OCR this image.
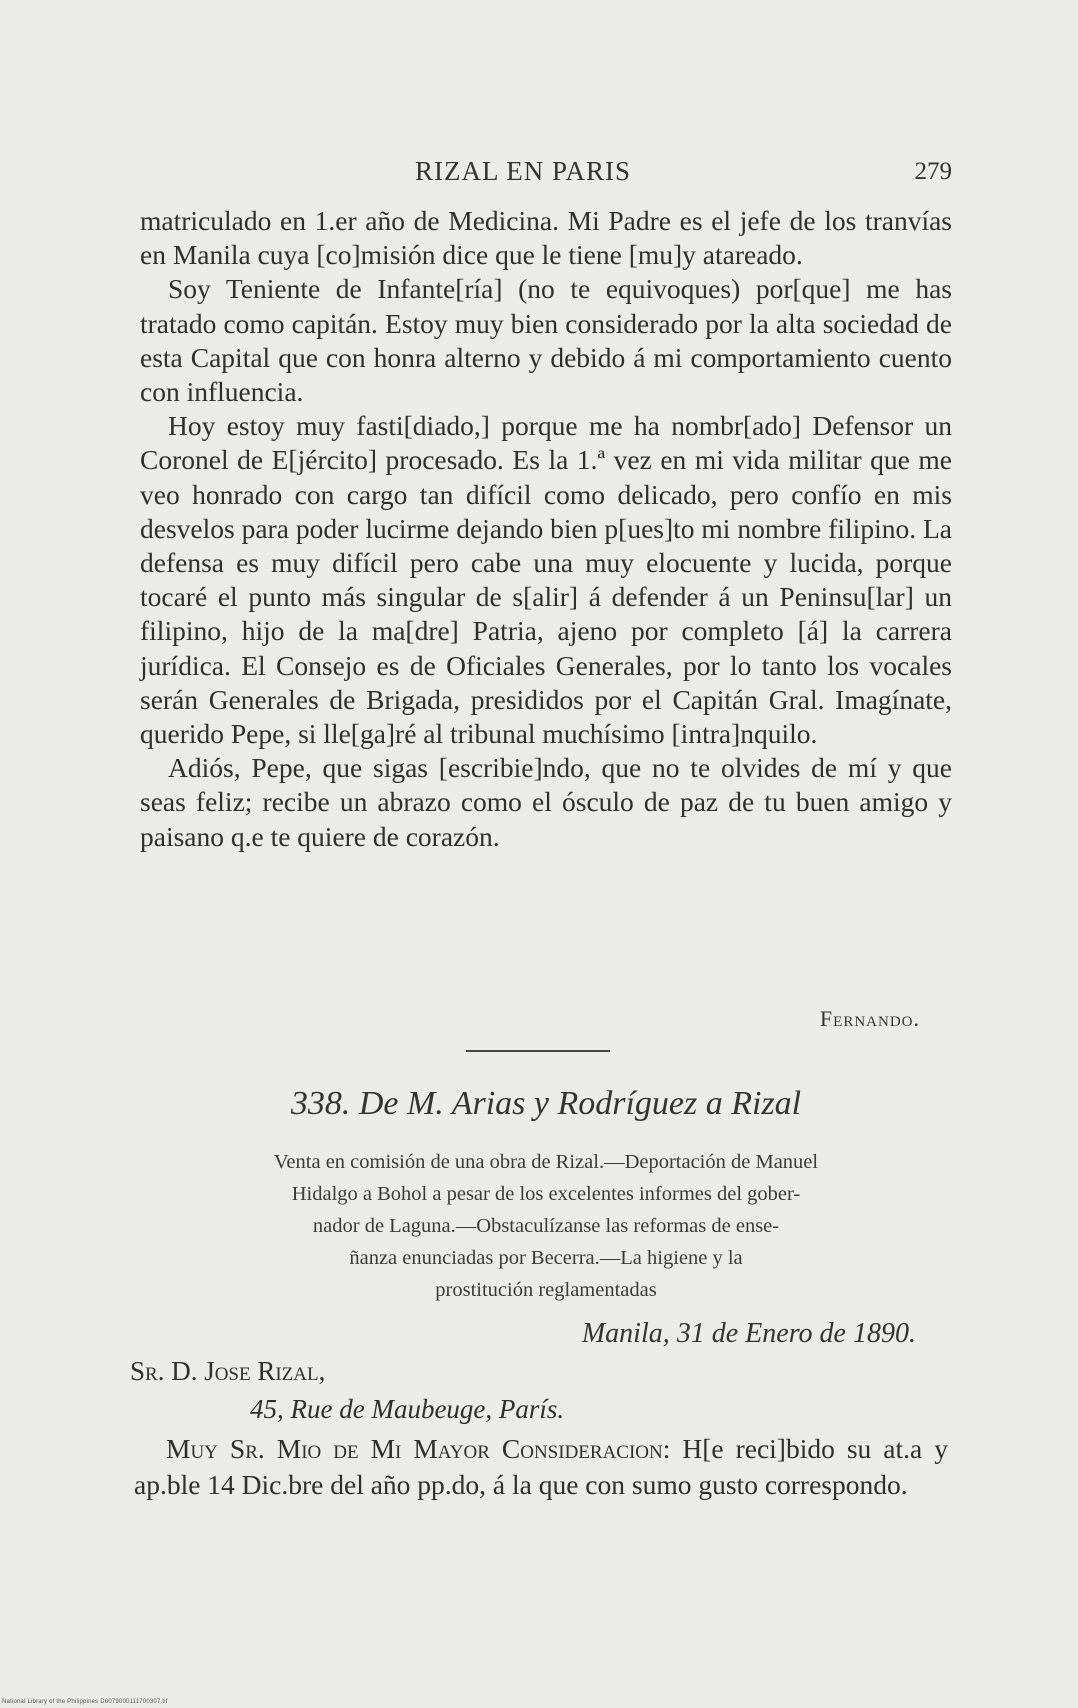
RIZAL EN PARIS	279

matriculado en 1.er año de Medicina. Mi Padre es el jefe de los tranvías en Manila cuya [co]misión dice que le tiene [mu]y atareado.

Soy Teniente de Infante[ría] (no te equivoques) por[que] me has tratado como capitán. Estoy muy bien considerado por la alta sociedad de esta Capital que con honra alterno y debido á mi comportamiento cuento con influencia.

Hoy estoy muy fasti[diado,] porque me ha nombr[ado] Defensor un Coronel de E[jército] procesado. Es la 1.ª vez en mi vida militar que me veo honrado con cargo tan difícil como delicado, pero confío en mis desvelos para poder lucirme dejando bien p[ues]to mi nombre filipino. La defensa es muy difícil pero cabe una muy elocuente y lucida, porque tocaré el punto más singular de s[alir] á defender á un Peninsu[lar] un filipino, hijo de la ma[dre] Patria, ajeno por completo [á] la carrera jurídica. El Consejo es de Oficiales Generales, por lo tanto los vocales serán Generales de Brigada, presididos por el Capitán Gral. Imagínate, querido Pepe, si lle[ga]ré al tribunal muchísimo [intra]nquilo.

Adiós, Pepe, que sigas [escribie]ndo, que no te olvides de mí y que seas feliz; recibe un abrazo como el ósculo de paz de tu buen amigo y paisano q.e te quiere de corazón.

Fernando.
338. De M. Arias y Rodríguez a Rizal
Venta en comisión de una obra de Rizal.—Deportación de Manuel
Hidalgo a Bohol a pesar de los excelentes informes del gober-
nador de Laguna.—Obstaculízanse las reformas de ense-
ñanza enunciadas por Becerra.—La higiene y la
prostitución reglamentadas
Manila, 31 de Enero de 1890.
Sr. D. Jose Rizal,
45, Rue de Maubeuge, París.
Muy Sr. Mio de Mi Mayor Consideracion: H[e reci]bido su at.a y ap.ble 14 Dic.bre del año pp.do, á la que con sumo gusto correspondo.
National Library of the Philippines D0079000111700307.tif
